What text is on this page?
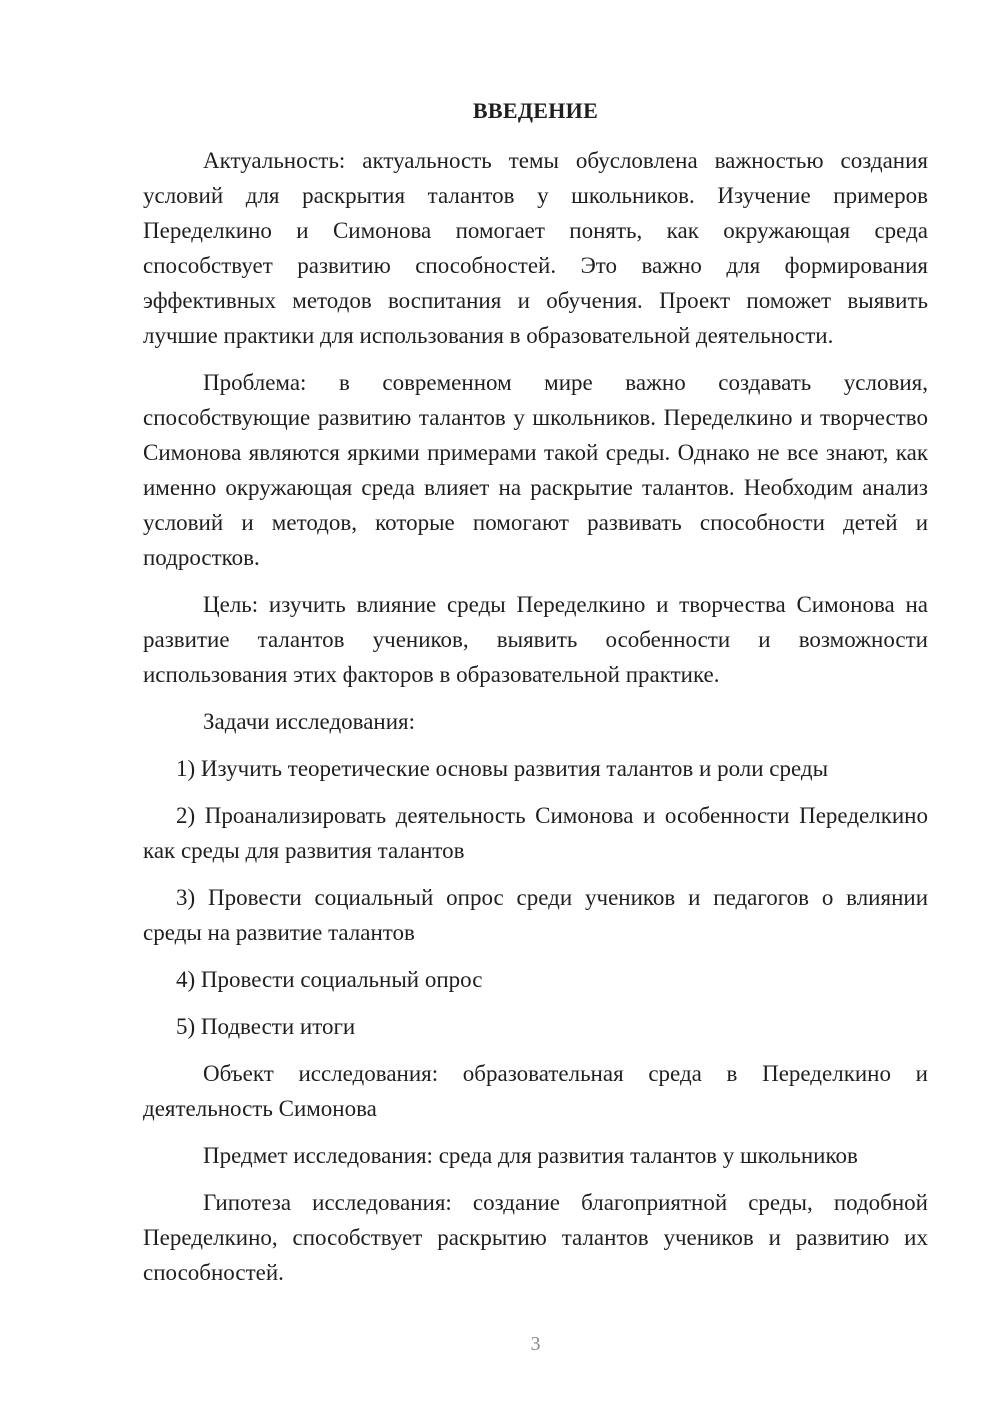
ВВЕДЕНИЕ

Актуальность: актуальность темы обусловлена важностью создания условий для раскрытия талантов у школьников. Изучение примеров Переделкино и Симонова помогает понять, как окружающая среда способствует развитию способностей. Это важно для формирования эффективных методов воспитания и обучения. Проект поможет выявить лучшие практики для использования в образовательной деятельности.

Проблема: в современном мире важно создавать условия, способствующие развитию талантов у школьников. Переделкино и творчество Симонова являются яркими примерами такой среды. Однако не все знают, как именно окружающая среда влияет на раскрытие талантов. Необходим анализ условий и методов, которые помогают развивать способности детей и подростков.

Цель: изучить влияние среды Переделкино и творчества Симонова на развитие талантов учеников, выявить особенности и возможности использования этих факторов в образовательной практике.

Задачи исследования:

1) Изучить теоретические основы развития талантов и роли среды

2) Проанализировать деятельность Симонова и особенности Переделкино как среды для развития талантов

3) Провести социальный опрос среди учеников и педагогов о влиянии среды на развитие талантов

4) Провести социальный опрос

5) Подвести итоги

Объект исследования: образовательная среда в Переделкино и деятельность Симонова

Предмет исследования: среда для развития талантов у школьников

Гипотеза исследования: создание благоприятной среды, подобной Переделкино, способствует раскрытию талантов учеников и развитию их способностей.

3
